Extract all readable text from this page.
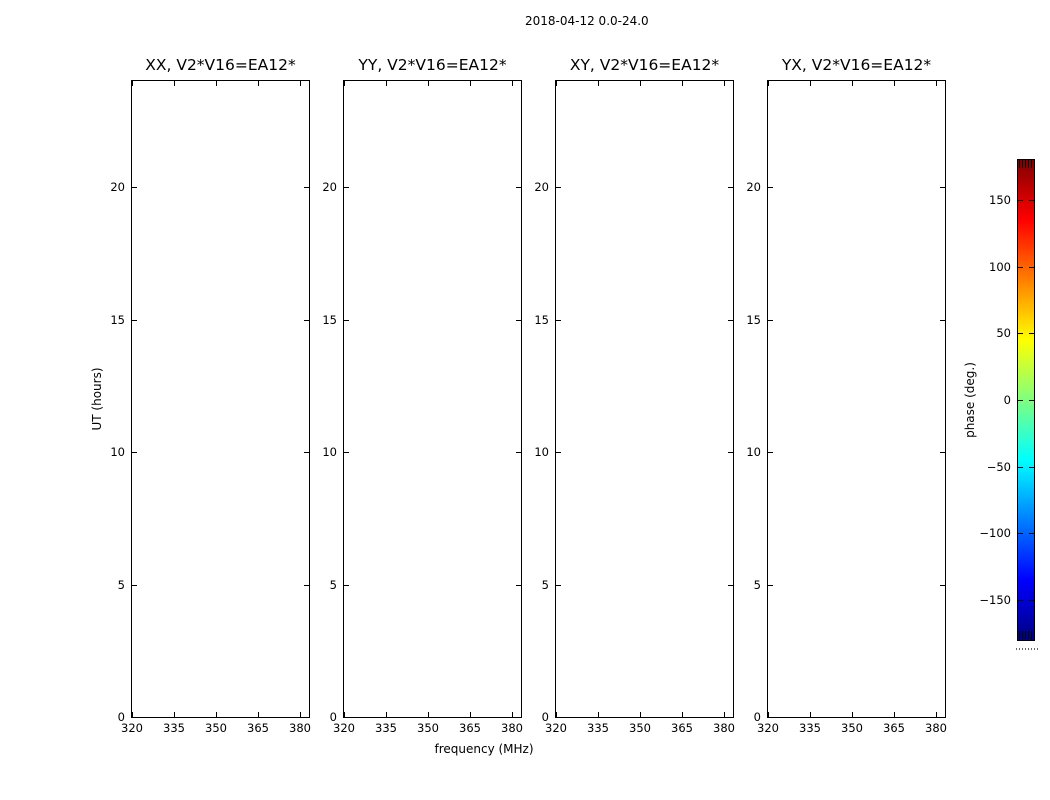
2018-04-12 0.0-24.0
XX, V2*V16=EA12*
320 335 350 365 380
0
5
10
15
20
YY, V2*V16=EA12*
320 335 350 365 380
0
5
10
15
20
XY, V2*V16=EA12*
320 335 350 365 380
0
5
10
15
20
YX, V2*V16=EA12*
320 335 350 365 380
0
5
10
15
20
UT (hours)
frequency (MHz)
phase (deg.)
150
100
50
0
−50
−100
−150
